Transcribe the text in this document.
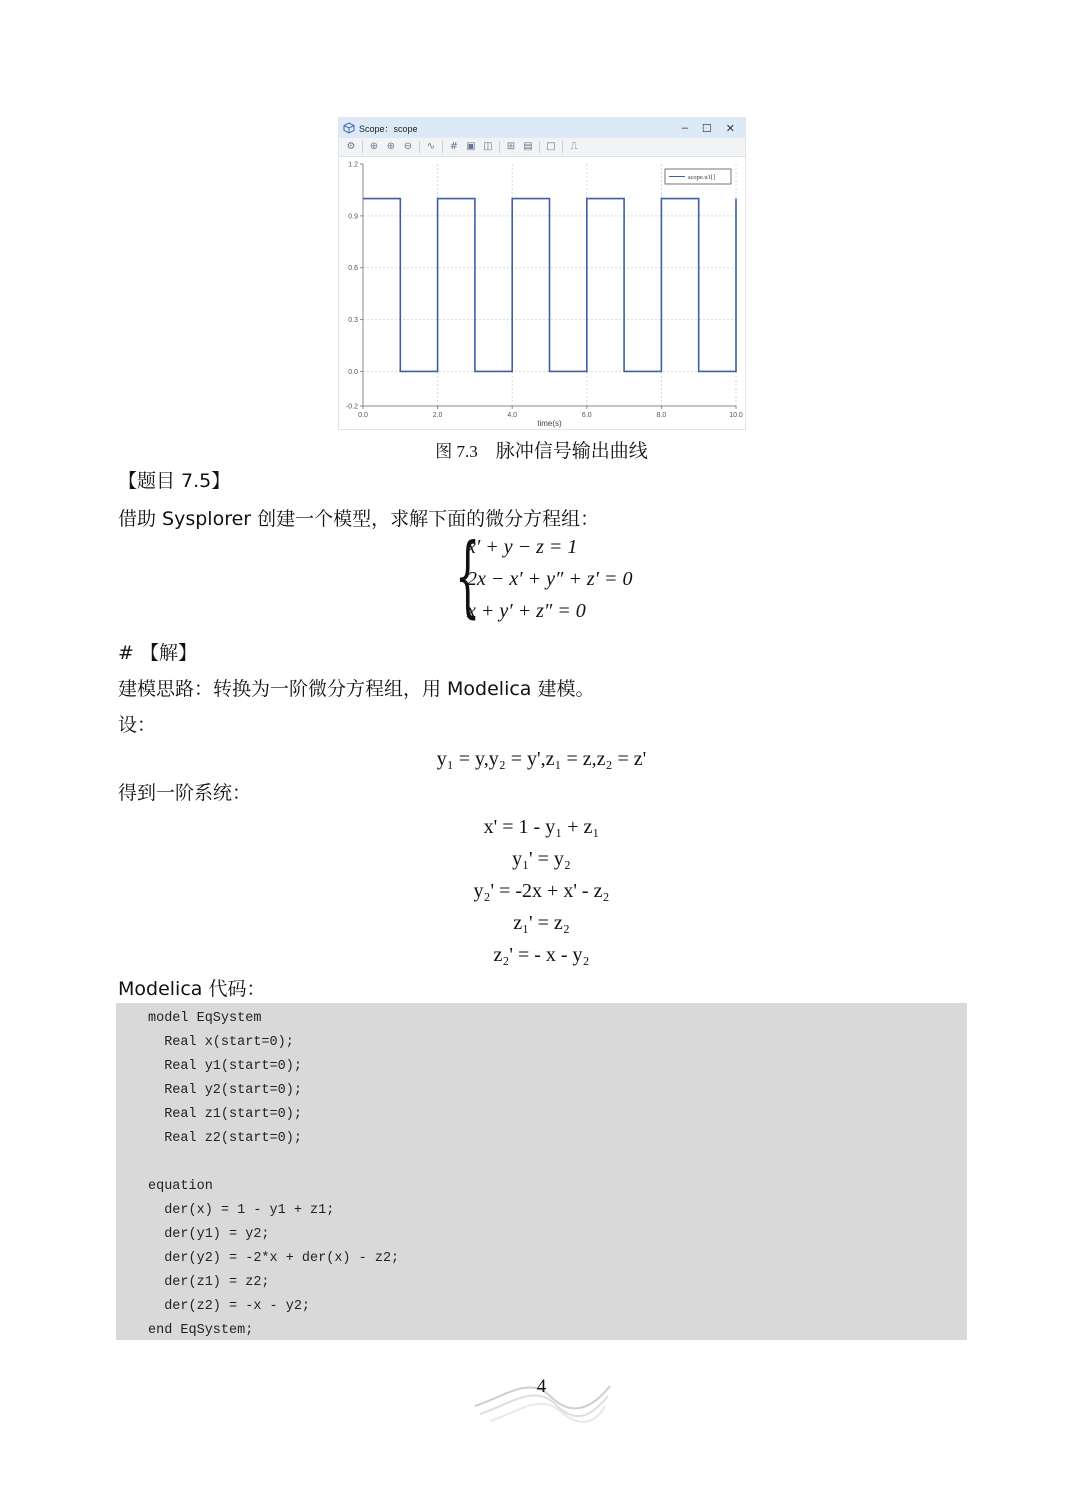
Scope：scope	– ☐ ✕
⚙ ⊕ ⊕ ⊖ ∿ # ▣ ◫ ⊞ ▤ □ ⎍
0.0	2.0	4.0	6.0	8.0	10.0
1.2
0.9
0.6
0.3
0.0
-0.2
time(s)
scope.u1[]
图 7.3 脉冲信号输出曲线
【题目 7.5】
借助 Sysplorer 创建一个模型，求解下面的微分方程组：
{
x′ + y − z = 1
2x − x′ + y″ + z′ = 0
x + y′ + z″ = 0
# 【解】
建模思路：转换为一阶微分方程组，用 Modelica 建模。
设：
y₁ = y,y₂ = y',z₁ = z,z₂ = z'
得到一阶系统：
x' = 1 - y₁ + z₁
y₁' = y₂
y₂' = -2x + x' - z₂
z₁' = z₂
z₂' = - x - y₂
Modelica 代码：
model EqSystem
Real x(start=0);
Real y1(start=0);
Real y2(start=0);
Real z1(start=0);
Real z2(start=0);
equation
der(x) = 1 - y1 + z1;
der(y1) = y2;
der(y2) = -2*x + der(x) - z2;
der(z1) = z2;
der(z2) = -x - y2;
end EqSystem;
4
